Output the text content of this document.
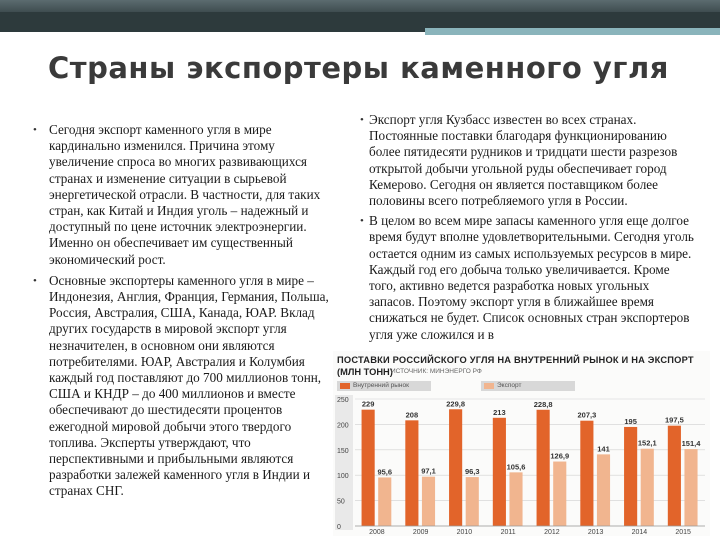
Страны экспортеры каменного угля
• Сегодня экспорт каменного угля в мире кардинально изменился. Причина этому увеличение спроса во многих развивающихся странах и изменение ситуации в сырьевой энергетической отрасли. В частности, для таких стран, как Китай и Индия уголь – надежный и доступный по цене источник электроэнергии. Именно он обеспечивает им существенный экономический рост.
• Основные экспортеры каменного угля в мире – Индонезия, Англия, Франция, Германия, Польша, Россия, Австралия, США, Канада, ЮАР. Вклад других государств в мировой экспорт угля незначителен, в основном они являются потребителями. ЮАР, Австралия и Колумбия каждый год поставляют до 700 миллионов тонн, США и КНДР – до 400 миллионов и вместе обеспечивают до шестидесяти процентов ежегодной мировой добычи этого твердого топлива. Эксперты утверждают, что перспективными и прибыльными являются разработки залежей каменного угля в Индии и странах СНГ.
• Экспорт угля Кузбасс известен во всех странах. Постоянные поставки благодаря функционированию более пятидесяти рудников и тридцати шести разрезов открытой добычи угольной руды обеспечивает город Кемерово. Сегодня он является поставщиком более половины всего потребляемого угля в России.
• В целом во всем мире запасы каменного угля еще долгое время будут вполне удовлетворительными. Сегодня уголь остается одним из самых используемых ресурсов в мире. Каждый год его добыча только увеличивается. Кроме того, активно ведется разработка новых угольных запасов. Поэтому экспорт угля в ближайшее время снижаться не будет. Список основных стран экспортеров угля уже сложился и в
ПОСТАВКИ РОССИЙСКОГО УГЛЯ НА ВНУТРЕННИЙ РЫНОК И НА ЭКСПОРТ
(МЛН ТОНН)
ИСТОЧНИК: МИНЭНЕРГО РФ
Внутренний рынок	Экспорт
250
200
150
100
50
0
229
95,6
2008
208
97,1
2009
229,8
96,3
2010
213
105,6
2011
228,8
126,9
2012
207,3
141
2013
195
152,1
2014
197,5
151,4
2015
